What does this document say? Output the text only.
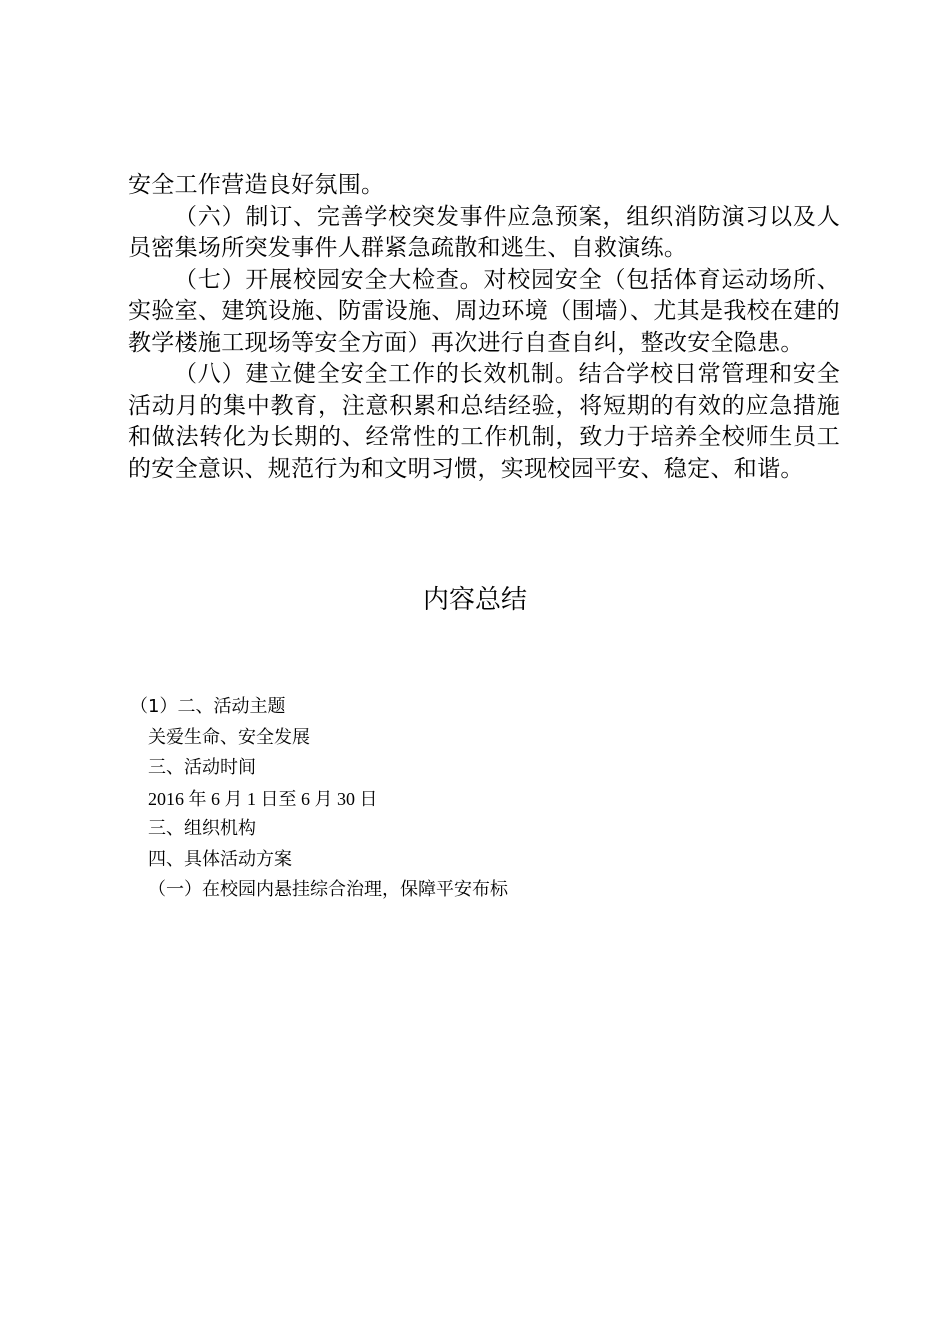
安全工作营造良好氛围。

（六）制订、完善学校突发事件应急预案，组织消防演习以及人员密集场所突发事件人群紧急疏散和逃生、自救演练。

（七）开展校园安全大检查。对校园安全（包括体育运动场所、实验室、建筑设施、防雷设施、周边环境（围墙）、尤其是我校在建的教学楼施工现场等安全方面）再次进行自查自纠，整改安全隐患。

（八）建立健全安全工作的长效机制。结合学校日常管理和安全活动月的集中教育，注意积累和总结经验，将短期的有效的应急措施和做法转化为长期的、经常性的工作机制，致力于培养全校师生员工的安全意识、规范行为和文明习惯，实现校园平安、稳定、和谐。

内容总结
（1）二、活动主题
关爱生命、安全发展
三、活动时间
2016 年 6 月 1 日至 6 月 30 日
三、组织机构
四、具体活动方案
（一）在校园内悬挂综合治理，保障平安布标
